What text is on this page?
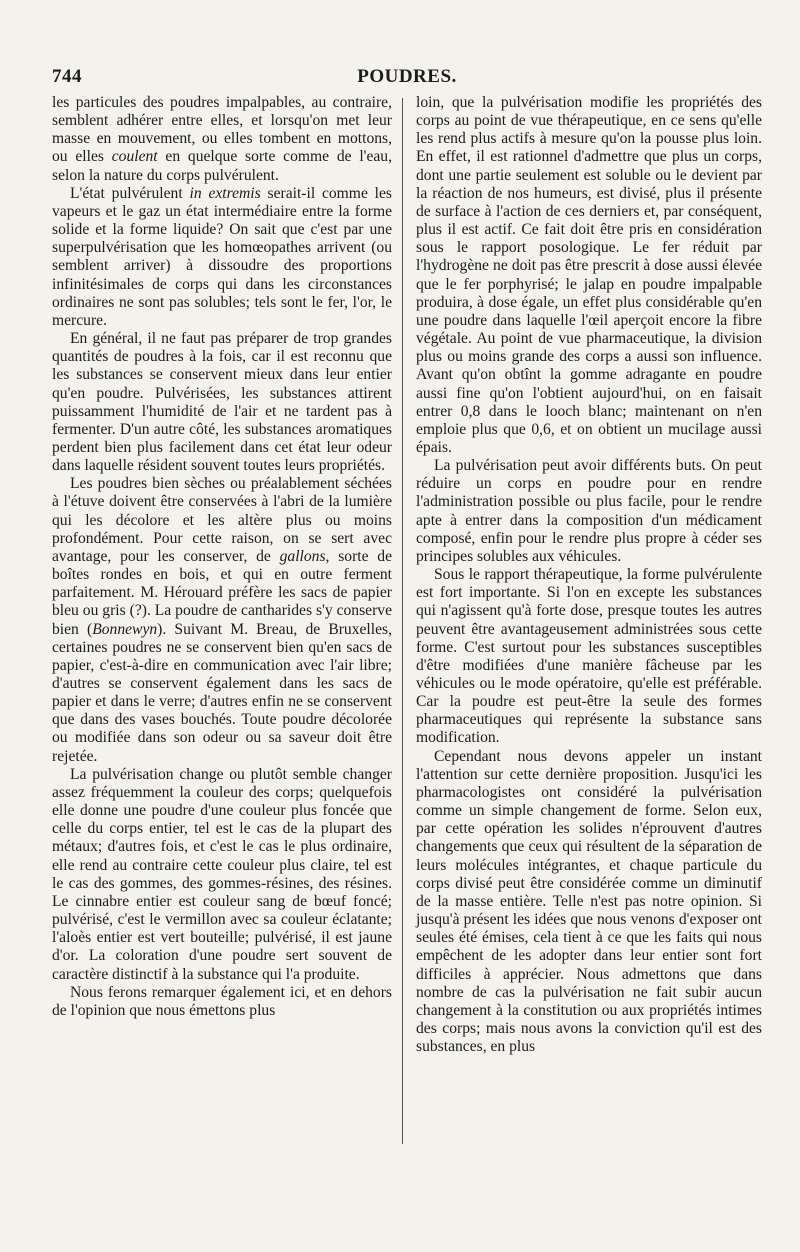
744	POUDRES.

les particules des poudres impalpables, au contraire, semblent adhérer entre elles, et lorsqu'on met leur masse en mouvement, ou elles tombent en mottons, ou elles coulent en quelque sorte comme de l'eau, selon la nature du corps pulvérulent.

L'état pulvérulent in extremis serait-il comme les vapeurs et le gaz un état intermédiaire entre la forme solide et la forme liquide? On sait que c'est par une superpulvérisation que les homœopathes arrivent (ou semblent arriver) à dissoudre des proportions infinitésimales de corps qui dans les circonstances ordinaires ne sont pas solubles; tels sont le fer, l'or, le mercure.

En général, il ne faut pas préparer de trop grandes quantités de poudres à la fois, car il est reconnu que les substances se conservent mieux dans leur entier qu'en poudre. Pulvérisées, les substances attirent puissamment l'humidité de l'air et ne tardent pas à fermenter. D'un autre côté, les substances aromatiques perdent bien plus facilement dans cet état leur odeur dans laquelle résident souvent toutes leurs propriétés.

Les poudres bien sèches ou préalablement séchées à l'étuve doivent être conservées à l'abri de la lumière qui les décolore et les altère plus ou moins profondément. Pour cette raison, on se sert avec avantage, pour les conserver, de gallons, sorte de boîtes rondes en bois, et qui en outre ferment parfaitement. M. Hérouard préfère les sacs de papier bleu ou gris (?). La poudre de cantharides s'y conserve bien (Bonnewyn). Suivant M. Breau, de Bruxelles, certaines poudres ne se conservent bien qu'en sacs de papier, c'est-à-dire en communication avec l'air libre; d'autres se conservent également dans les sacs de papier et dans le verre; d'autres enfin ne se conservent que dans des vases bouchés. Toute poudre décolorée ou modifiée dans son odeur ou sa saveur doit être rejetée.

La pulvérisation change ou plutôt semble changer assez fréquemment la couleur des corps; quelquefois elle donne une poudre d'une couleur plus foncée que celle du corps entier, tel est le cas de la plupart des métaux; d'autres fois, et c'est le cas le plus ordinaire, elle rend au contraire cette couleur plus claire, tel est le cas des gommes, des gommes-résines, des résines. Le cinnabre entier est couleur sang de bœuf foncé; pulvérisé, c'est le vermillon avec sa couleur éclatante; l'aloès entier est vert bouteille; pulvérisé, il est jaune d'or. La coloration d'une poudre sert souvent de caractère distinctif à la substance qui l'a produite.

Nous ferons remarquer également ici, et en dehors de l'opinion que nous émettons plus

loin, que la pulvérisation modifie les propriétés des corps au point de vue thérapeutique, en ce sens qu'elle les rend plus actifs à mesure qu'on la pousse plus loin. En effet, il est rationnel d'admettre que plus un corps, dont une partie seulement est soluble ou le devient par la réaction de nos humeurs, est divisé, plus il présente de surface à l'action de ces derniers et, par conséquent, plus il est actif. Ce fait doit être pris en considération sous le rapport posologique. Le fer réduit par l'hydrogène ne doit pas être prescrit à dose aussi élevée que le fer porphyrisé; le jalap en poudre impalpable produira, à dose égale, un effet plus considérable qu'en une poudre dans laquelle l'œil aperçoit encore la fibre végétale. Au point de vue pharmaceutique, la division plus ou moins grande des corps a aussi son influence. Avant qu'on obtînt la gomme adragante en poudre aussi fine qu'on l'obtient aujourd'hui, on en faisait entrer 0,8 dans le looch blanc; maintenant on n'en emploie plus que 0,6, et on obtient un mucilage aussi épais.

La pulvérisation peut avoir différents buts. On peut réduire un corps en poudre pour en rendre l'administration possible ou plus facile, pour le rendre apte à entrer dans la composition d'un médicament composé, enfin pour le rendre plus propre à céder ses principes solubles aux véhicules.

Sous le rapport thérapeutique, la forme pulvérulente est fort importante. Si l'on en excepte les substances qui n'agissent qu'à forte dose, presque toutes les autres peuvent être avantageusement administrées sous cette forme. C'est surtout pour les substances susceptibles d'être modifiées d'une manière fâcheuse par les véhicules ou le mode opératoire, qu'elle est préférable. Car la poudre est peut-être la seule des formes pharmaceutiques qui représente la substance sans modification.

Cependant nous devons appeler un instant l'attention sur cette dernière proposition. Jusqu'ici les pharmacologistes ont considéré la pulvérisation comme un simple changement de forme. Selon eux, par cette opération les solides n'éprouvent d'autres changements que ceux qui résultent de la séparation de leurs molécules intégrantes, et chaque particule du corps divisé peut être considérée comme un diminutif de la masse entière. Telle n'est pas notre opinion. Si jusqu'à présent les idées que nous venons d'exposer ont seules été émises, cela tient à ce que les faits qui nous empêchent de les adopter dans leur entier sont fort difficiles à apprécier. Nous admettons que dans nombre de cas la pulvérisation ne fait subir aucun changement à la constitution ou aux propriétés intimes des corps; mais nous avons la conviction qu'il est des substances, en plus
